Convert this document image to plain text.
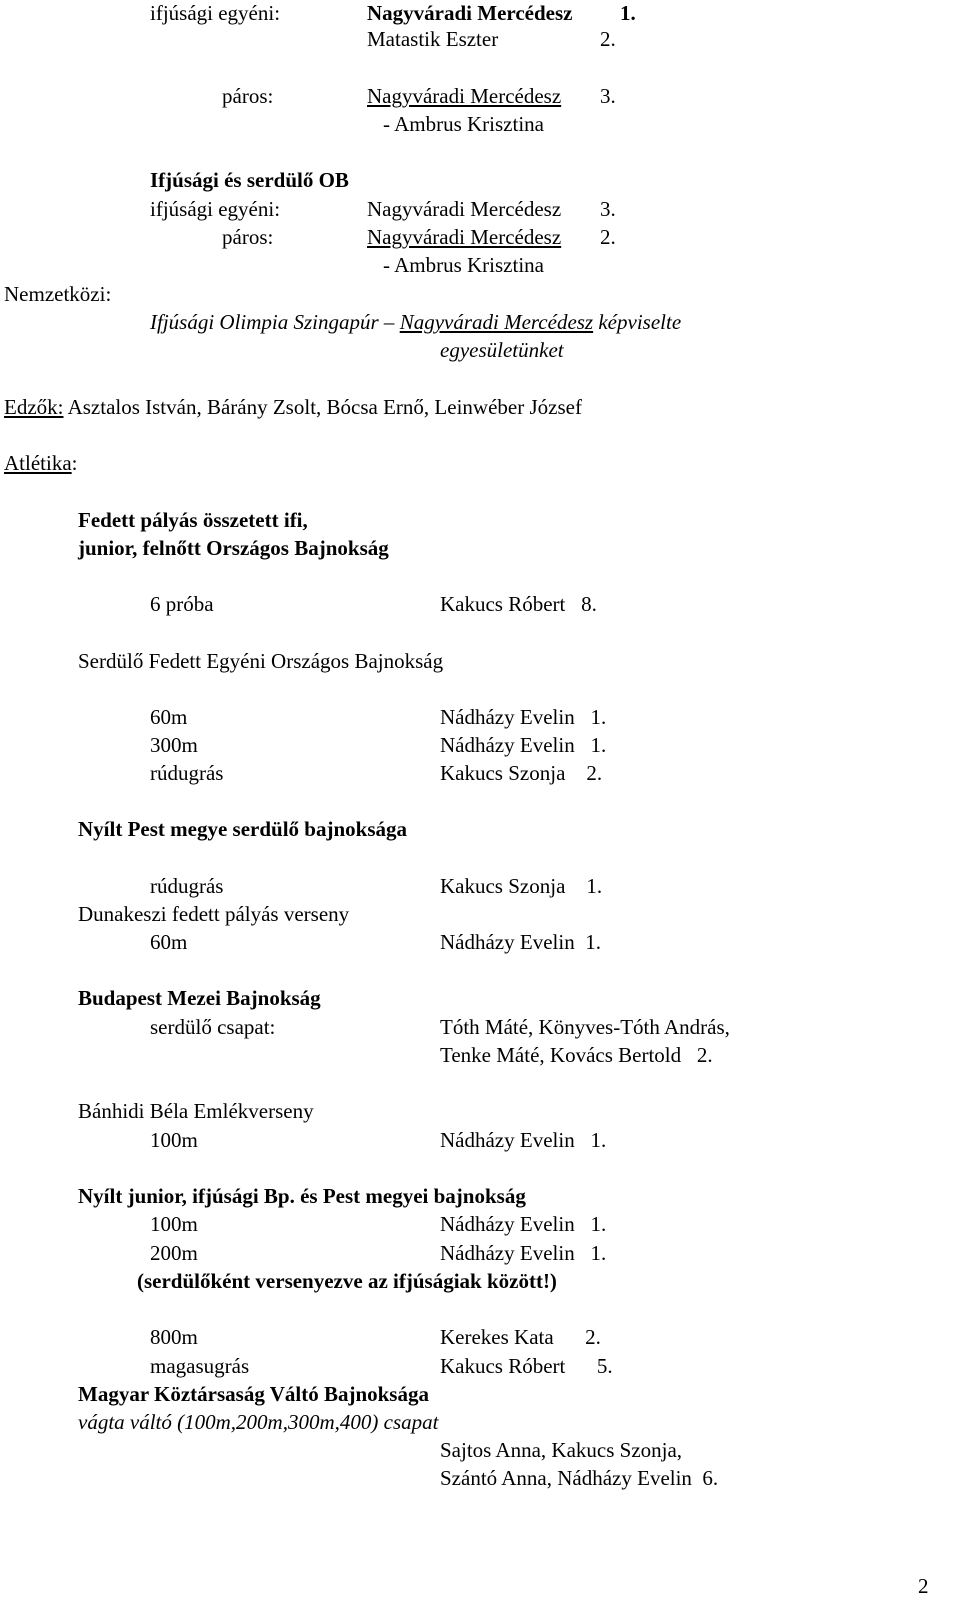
ifjúsági egyéni:	Nagyváradi Mercédesz 1.
Matastik Eszter	2.
páros:	Nagyváradi Mercédesz 3.
- Ambrus Krisztina
Ifjúsági és serdülő OB
ifjúsági egyéni:	Nagyváradi Mercédesz 3.
páros:	Nagyváradi Mercédesz 2.
- Ambrus Krisztina
Nemzetközi:
Ifjúsági Olimpia Szingapúr – Nagyváradi Mercédesz képviselte
egyesületünket
Edzők: Asztalos István, Bárány Zsolt, Bócsa Ernő, Leinwéber József
Atlétika:
Fedett pályás összetett ifi,
junior, felnőtt Országos Bajnokság
6 próba	Kakucs Róbert   8.
Serdülő Fedett Egyéni Országos Bajnokság
60m	Nádházy Evelin   1.
300m	Nádházy Evelin   1.
rúdugrás	Kakucs Szonja    2.
Nyílt Pest megye serdülő bajnoksága
rúdugrás	Kakucs Szonja    1.
Dunakeszi fedett pályás verseny
60m	Nádházy Evelin  1.
Budapest Mezei Bajnokság
serdülő csapat:	Tóth Máté, Könyves-Tóth András,
Tenke Máté, Kovács Bertold   2.
Bánhidi Béla Emlékverseny
100m	Nádházy Evelin   1.
Nyílt junior, ifjúsági Bp. és Pest megyei bajnokság
100m	Nádházy Evelin   1.
200m	Nádházy Evelin   1.
(serdülőként versenyezve az ifjúságiak között!)
800m	Kerekes Kata      2.
magasugrás	Kakucs Róbert      5.
Magyar Köztársaság Váltó Bajnoksága
vágta váltó (100m,200m,300m,400) csapat
Sajtos Anna, Kakucs Szonja,
Szántó Anna, Nádházy Evelin  6.
2
